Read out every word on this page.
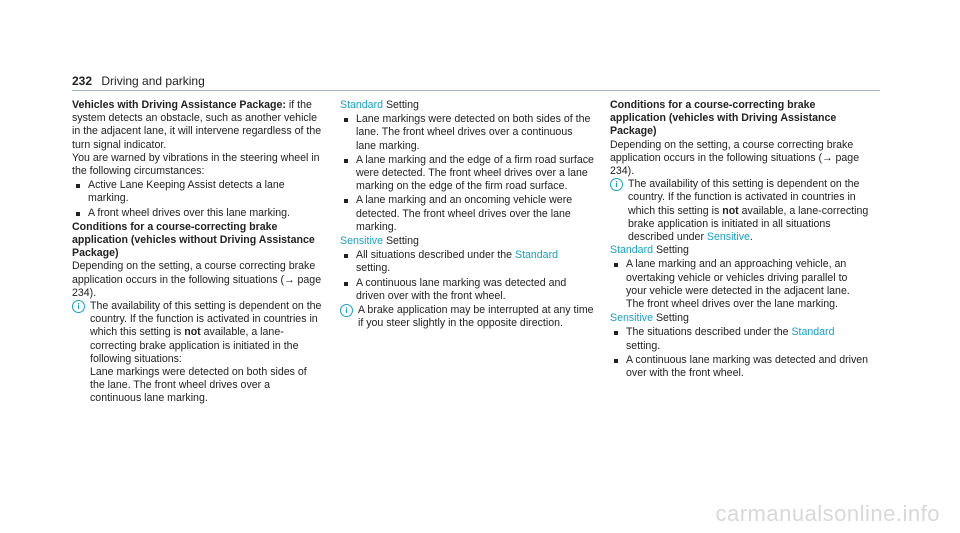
232 Driving and parking

Vehicles with Driving Assistance Package: if the system detects an obstacle, such as another vehicle in the adjacent lane, it will intervene regardless of the turn signal indicator.

You are warned by vibrations in the steering wheel in the following circumstances:

Active Lane Keeping Assist detects a lane marking.
A front wheel drives over this lane marking.

Conditions for a course-correcting brake application (vehicles without Driving Assistance Package)

Depending on the setting, a course correcting brake application occurs in the following situations (→ page 234).

i The availability of this setting is dependent on the country. If the function is activated in countries in which this setting is not available, a lane-correcting brake application is initiated in the following situations:
Lane markings were detected on both sides of the lane. The front wheel drives over a continuous lane marking.

Standard Setting

Lane markings were detected on both sides of the lane. The front wheel drives over a continuous lane marking.
A lane marking and the edge of a firm road surface were detected. The front wheel drives over a lane marking on the edge of the firm road surface.
A lane marking and an oncoming vehicle were detected. The front wheel drives over the lane marking.

Sensitive Setting

All situations described under the Standard setting.
A continuous lane marking was detected and driven over with the front wheel.
i A brake application may be interrupted at any time if you steer slightly in the opposite direction.

Conditions for a course-correcting brake application (vehicles with Driving Assistance Package)

Depending on the setting, a course correcting brake application occurs in the following situations (→ page 234).

i The availability of this setting is dependent on the country. If the function is activated in countries in which this setting is not available, a lane-correcting brake application is initiated in all situations described under Sensitive.

Standard Setting

A lane marking and an approaching vehicle, an overtaking vehicle or vehicles driving parallel to your vehicle were detected in the adjacent lane. The front wheel drives over the lane marking.

Sensitive Setting

The situations described under the Standard setting.
A continuous lane marking was detected and driven over with the front wheel.
carmanualsonline.info
